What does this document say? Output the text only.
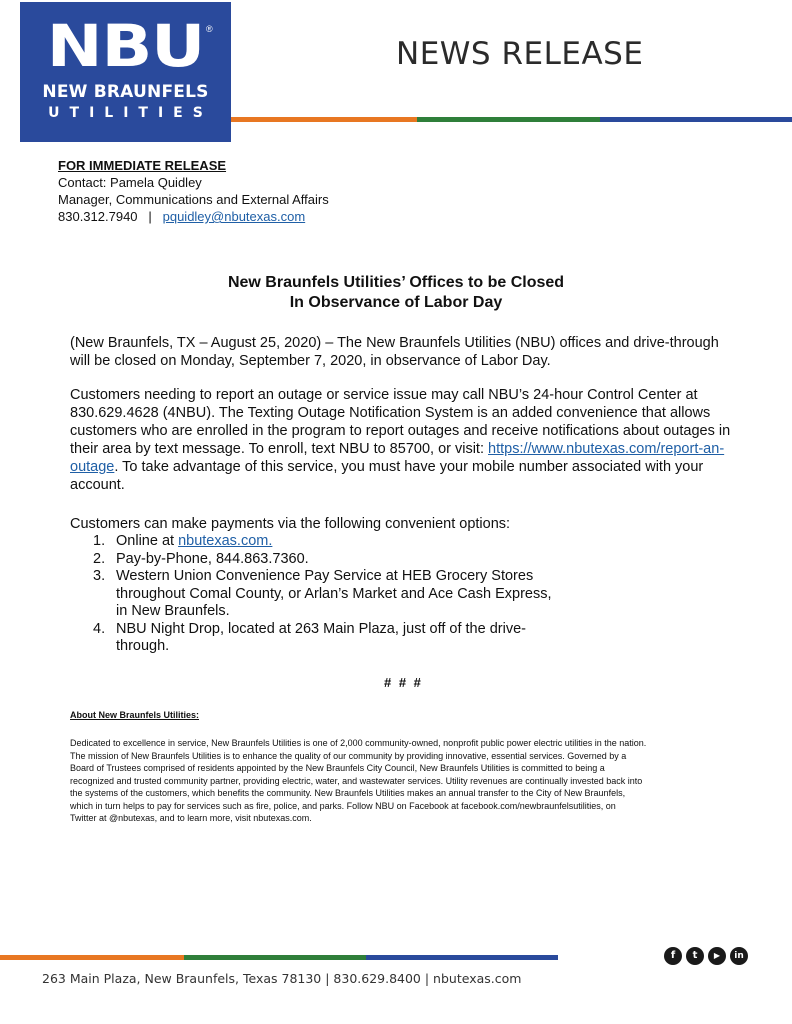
NBU ®
NEW BRAUNFELS
UTILITIES
NEWS RELEASE
FOR IMMEDIATE RELEASE
Contact: Pamela Quidley
Manager, Communications and External Affairs
830.312.7940 | pquidley@nbutexas.com
New Braunfels Utilities’ Offices to be Closed
In Observance of Labor Day
(New Braunfels, TX – August 25, 2020) – The New Braunfels Utilities (NBU) offices and drive-through will be closed on Monday, September 7, 2020, in observance of Labor Day.
Customers needing to report an outage or service issue may call NBU’s 24-hour Control Center at 830.629.4628 (4NBU). The Texting Outage Notification System is an added convenience that allows customers who are enrolled in the program to report outages and receive notifications about outages in their area by text message. To enroll, text NBU to 85700, or visit: https://www.nbutexas.com/report-an-outage. To take advantage of this service, you must have your mobile number associated with your account.
Customers can make payments via the following convenient options:
1. Online at nbutexas.com.
2. Pay-by-Phone, 844.863.7360.
3. Western Union Convenience Pay Service at HEB Grocery Stores
throughout Comal County, or Arlan’s Market and Ace Cash Express,
in New Braunfels.
4. NBU Night Drop, located at 263 Main Plaza, just off of the drive-
through.
# # #
About New Braunfels Utilities:
Dedicated to excellence in service, New Braunfels Utilities is one of 2,000 community-owned, nonprofit public power electric utilities in the nation.
The mission of New Braunfels Utilities is to enhance the quality of our community by providing innovative, essential services. Governed by a
Board of Trustees comprised of residents appointed by the New Braunfels City Council, New Braunfels Utilities is committed to being a
recognized and trusted community partner, providing electric, water, and wastewater services. Utility revenues are continually invested back into
the systems of the customers, which benefits the community. New Braunfels Utilities makes an annual transfer to the City of New Braunfels,
which in turn helps to pay for services such as fire, police, and parks. Follow NBU on Facebook at facebook.com/newbraunfelsutilities, on
Twitter at @nbutexas, and to learn more, visit nbutexas.com.
f	t	▶	in
263 Main Plaza, New Braunfels, Texas 78130 | 830.629.8400 | nbutexas.com
